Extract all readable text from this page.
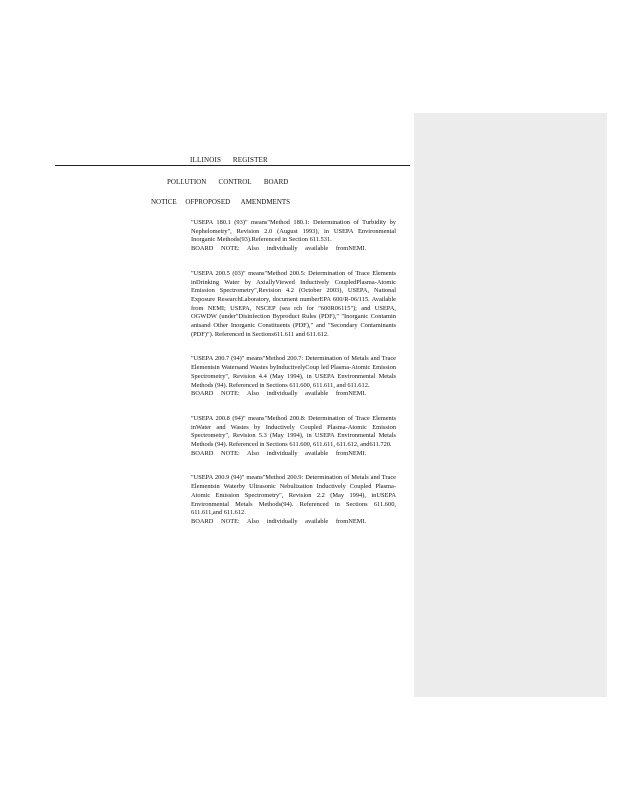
ILLINOIS      REGISTER
POLLUTION       CONTROL       BOARD
NOTICE     OFPROPOSED      AMENDMENTS

"USEPA 180.1 (93)" means"Method 180.1: Determination of Turbidity by Nephelometry", Revision 2.0 (August 1993), in USEPA Environmental Inorganic Methods(93).Referenced in Section 611.531.

BOARD NOTE: Also individually available fromNEMI.

"USEPA 200.5 (03)" means"Method 200.5: Determination of Trace Elements inDrinking Water by AxiallyViewed Inductively CoupledPlasma-Atomic Emission Spectrometry",Revision 4.2 (October 2003), USEPA, National Exposure ResearchLaboratory, document numberEPA 600/R-06/115. Available from NEMI; USEPA, NSCEP (sea rch for "600R06115"); and USEPA, OGWDW (under"Disinfection Byproduct Rules (PDF)," "Inorganic Contamin antsand Other Inorganic Constituents (PDF)," and "Secondary Contaminants (PDF)"). Referenced in Sections611.611 and 611.612.

"USEPA 200.7 (94)" means"Method 200.7: Determination of Metals and Trace Elementsin Watersand Wastes byInductivelyCoup led Plasma-Atomic Emission Spectrometry", Revision 4.4 (May 1994), in USEPA Environmental Metals Methods (94). Referenced in Sections 611.600, 611.611, and 611.612.

BOARD NOTE: Also individually available fromNEMI.

"USEPA 200.8 (94)" means"Method 200.8: Determination of Trace Elements inWater and Wastes by Inductively Coupled Plasma-Atomic Emission Spectrometry", Revision 5.3 (May 1994), in USEPA Environmental Metals Methods (94). Referenced in Sections 611.600, 611.611, 611.612, and611.720.

BOARD NOTE: Also individually available fromNEMI.

"USEPA 200.9 (94)" means"Method 200.9: Determination of Metals and Trace Elementsin Waterby Ultrasonic Nebulization Inductively Coupled Plasma-Atomic Emission Spectrometry", Revision 2.2 (May 1994), inUSEPA Environmental Metals Methods(94). Referenced in Sections 611.600, 611.611,and 611.612.

BOARD NOTE: Also individually available fromNEMI.
